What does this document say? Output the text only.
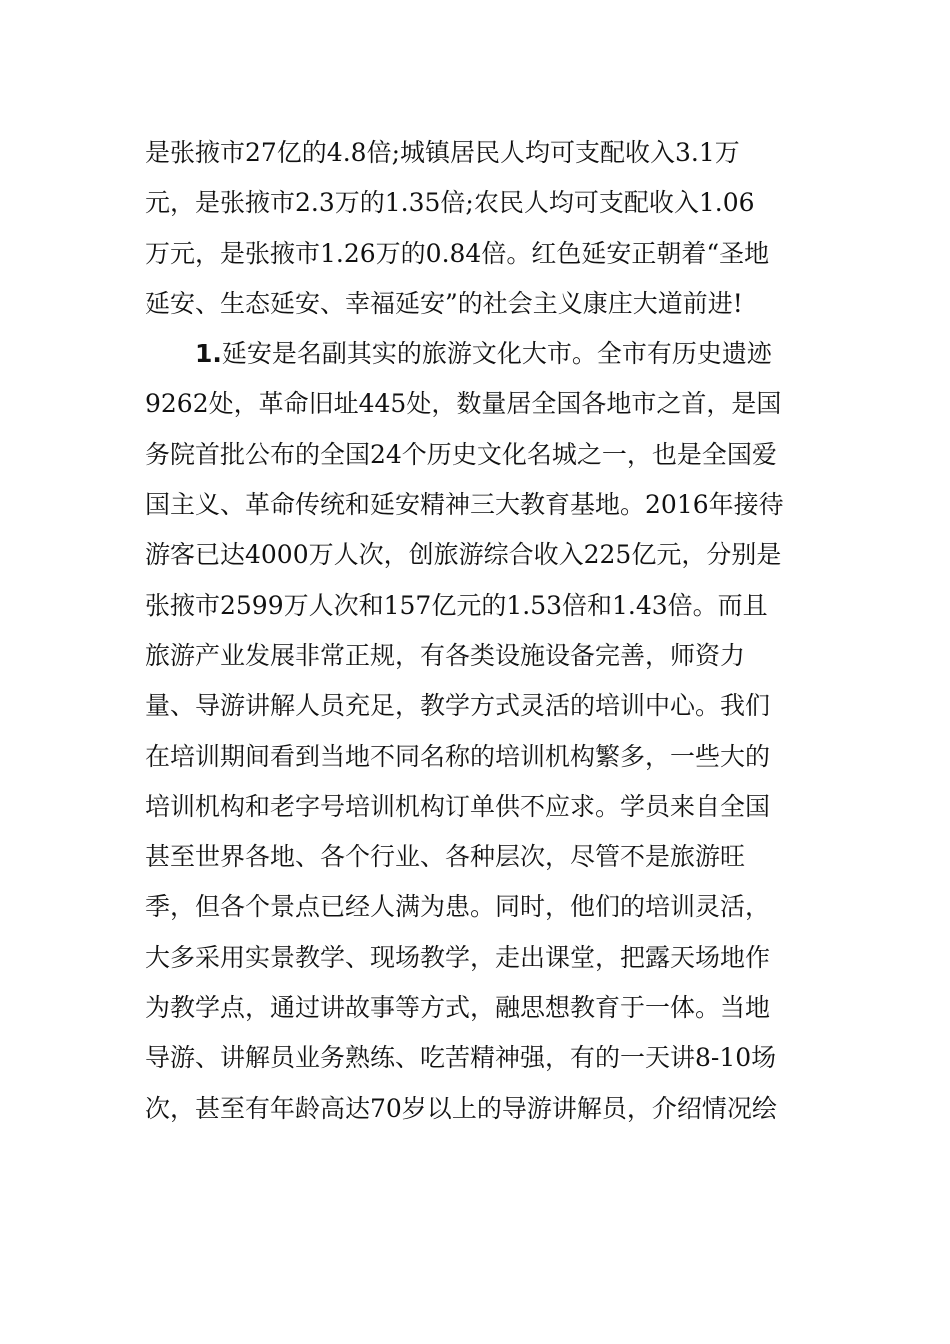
是张掖市27亿的4.8倍;城镇居民人均可支配收入3.1万
元，是张掖市2.3万的1.35倍;农民人均可支配收入1.06
万元，是张掖市1.26万的0.84倍。红色延安正朝着“圣地
延安、生态延安、幸福延安”的社会主义康庄大道前进!
1.延安是名副其实的旅游文化大市。全市有历史遗迹
9262处，革命旧址445处，数量居全国各地市之首，是国
务院首批公布的全国24个历史文化名城之一，也是全国爱
国主义、革命传统和延安精神三大教育基地。2016年接待
游客已达4000万人次，创旅游综合收入225亿元，分别是
张掖市2599万人次和157亿元的1.53倍和1.43倍。而且
旅游产业发展非常正规，有各类设施设备完善，师资力
量、导游讲解人员充足，教学方式灵活的培训中心。我们
在培训期间看到当地不同名称的培训机构繁多，一些大的
培训机构和老字号培训机构订单供不应求。学员来自全国
甚至世界各地、各个行业、各种层次，尽管不是旅游旺
季，但各个景点已经人满为患。同时，他们的培训灵活，
大多采用实景教学、现场教学，走出课堂，把露天场地作
为教学点，通过讲故事等方式，融思想教育于一体。当地
导游、讲解员业务熟练、吃苦精神强，有的一天讲8-10场
次，甚至有年龄高达70岁以上的导游讲解员，介绍情况绘
